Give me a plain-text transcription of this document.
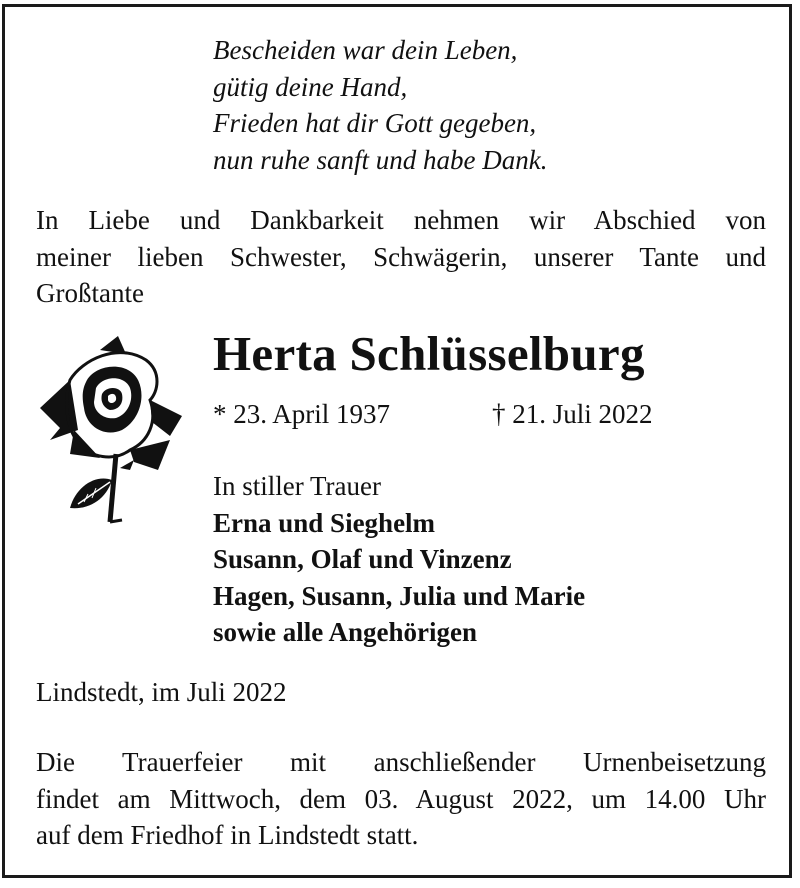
Bescheiden war dein Leben,
gütig deine Hand,
Frieden hat dir Gott gegeben,
nun ruhe sanft und habe Dank.
In Liebe und Dankbarkeit nehmen wir Abschied von
meiner lieben Schwester, Schwägerin, unserer Tante und
Großtante
Herta Schlüsselburg
* 23. April 1937	† 21. Juli 2022
In stiller Trauer
Erna und Sieghelm
Susann, Olaf und Vinzenz
Hagen, Susann, Julia und Marie
sowie alle Angehörigen
Lindstedt, im Juli 2022
Die Trauerfeier mit anschließender Urnenbeisetzung
findet am Mittwoch, dem 03. August 2022, um 14.00 Uhr
auf dem Friedhof in Lindstedt statt.
